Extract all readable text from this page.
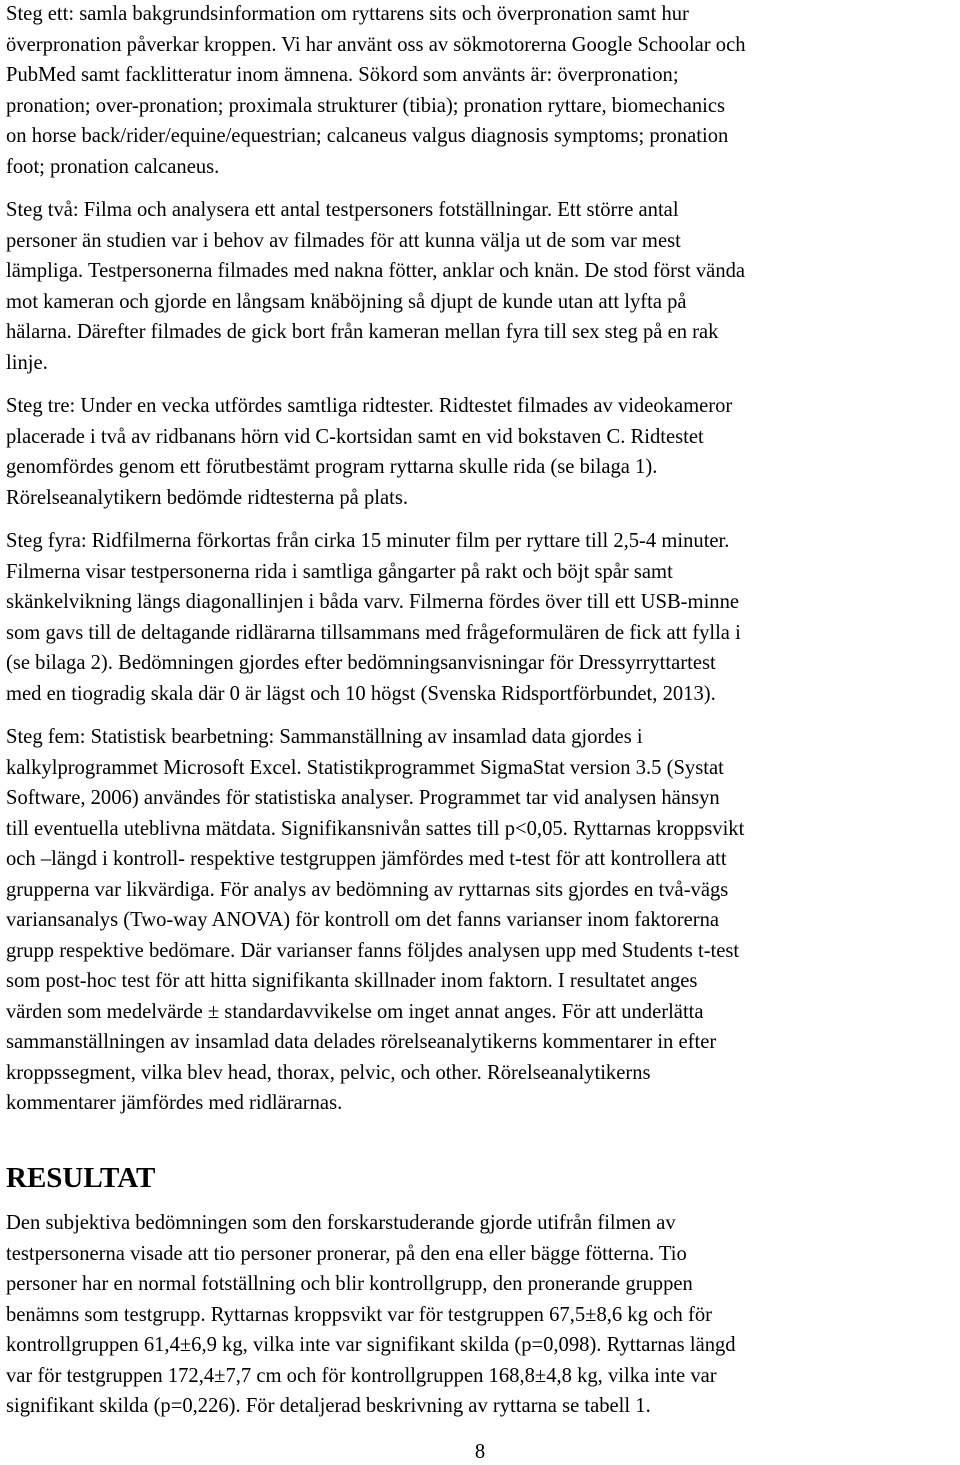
Steg ett: samla bakgrundsinformation om ryttarens sits och överpronation samt hur
överpronation påverkar kroppen. Vi har använt oss av sökmotorerna Google Schoolar och
PubMed samt facklitteratur inom ämnena. Sökord som använts är: överpronation;
pronation; over-pronation; proximala strukturer (tibia); pronation ryttare, biomechanics
on horse back/rider/equine/equestrian; calcaneus valgus diagnosis symptoms; pronation
foot; pronation calcaneus.
Steg två: Filma och analysera ett antal testpersoners fotställningar. Ett större antal
personer än studien var i behov av filmades för att kunna välja ut de som var mest
lämpliga. Testpersonerna filmades med nakna fötter, anklar och knän. De stod först vända
mot kameran och gjorde en långsam knäböjning så djupt de kunde utan att lyfta på
hälarna. Därefter filmades de gick bort från kameran mellan fyra till sex steg på en rak
linje.
Steg tre: Under en vecka utfördes samtliga ridtester. Ridtestet filmades av videokameror
placerade i två av ridbanans hörn vid C-kortsidan samt en vid bokstaven C. Ridtestet
genomfördes genom ett förutbestämt program ryttarna skulle rida (se bilaga 1).
Rörelseanalytikern bedömde ridtesterna på plats.
Steg fyra: Ridfilmerna förkortas från cirka 15 minuter film per ryttare till 2,5-4 minuter.
Filmerna visar testpersonerna rida i samtliga gångarter på rakt och böjt spår samt
skänkelvikning längs diagonallinjen i båda varv. Filmerna fördes över till ett USB-minne
som gavs till de deltagande ridlärarna tillsammans med frågeformulären de fick att fylla i
(se bilaga 2). Bedömningen gjordes efter bedömningsanvisningar för Dressyrryttartest
med en tiogradig skala där 0 är lägst och 10 högst (Svenska Ridsportförbundet, 2013).
Steg fem: Statistisk bearbetning: Sammanställning av insamlad data gjordes i
kalkylprogrammet Microsoft Excel. Statistikprogrammet SigmaStat version 3.5 (Systat
Software, 2006) användes för statistiska analyser. Programmet tar vid analysen hänsyn
till eventuella uteblivna mätdata. Signifikansnivån sattes till p<0,05. Ryttarnas kroppsvikt
och –längd i kontroll- respektive testgruppen jämfördes med t-test för att kontrollera att
grupperna var likvärdiga. För analys av bedömning av ryttarnas sits gjordes en två-vägs
variansanalys (Two-way ANOVA) för kontroll om det fanns varianser inom faktorerna
grupp respektive bedömare. Där varianser fanns följdes analysen upp med Students t-test
som post-hoc test för att hitta signifikanta skillnader inom faktorn. I resultatet anges
värden som medelvärde ± standardavvikelse om inget annat anges. För att underlätta
sammanställningen av insamlad data delades rörelseanalytikerns kommentarer in efter
kroppssegment, vilka blev head, thorax, pelvic, och other. Rörelseanalytikerns
kommentarer jämfördes med ridlärarnas.
RESULTAT
Den subjektiva bedömningen som den forskarstuderande gjorde utifrån filmen av
testpersonerna visade att tio personer pronerar, på den ena eller bägge fötterna. Tio
personer har en normal fotställning och blir kontrollgrupp, den pronerande gruppen
benämns som testgrupp. Ryttarnas kroppsvikt var för testgruppen 67,5±8,6 kg och för
kontrollgruppen 61,4±6,9 kg, vilka inte var signifikant skilda (p=0,098). Ryttarnas längd
var för testgruppen 172,4±7,7 cm och för kontrollgruppen 168,8±4,8 kg, vilka inte var
signifikant skilda (p=0,226). För detaljerad beskrivning av ryttarna se tabell 1.
8
